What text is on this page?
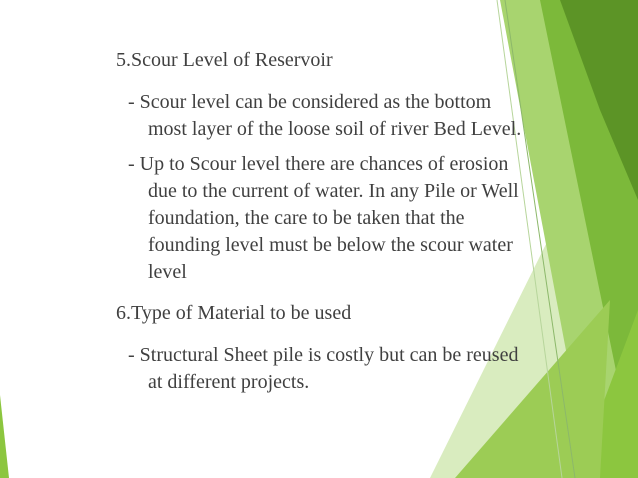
5.Scour Level of Reservoir
- Scour level can be considered as the bottom
most layer of the loose soil of river Bed Level.
- Up to Scour level there are chances of erosion
due to the current of water. In any Pile or Well
foundation, the care to be taken that the
founding level must be below the scour water
level
6.Type of Material to be used
- Structural Sheet pile is costly but can be reused
at different projects.
